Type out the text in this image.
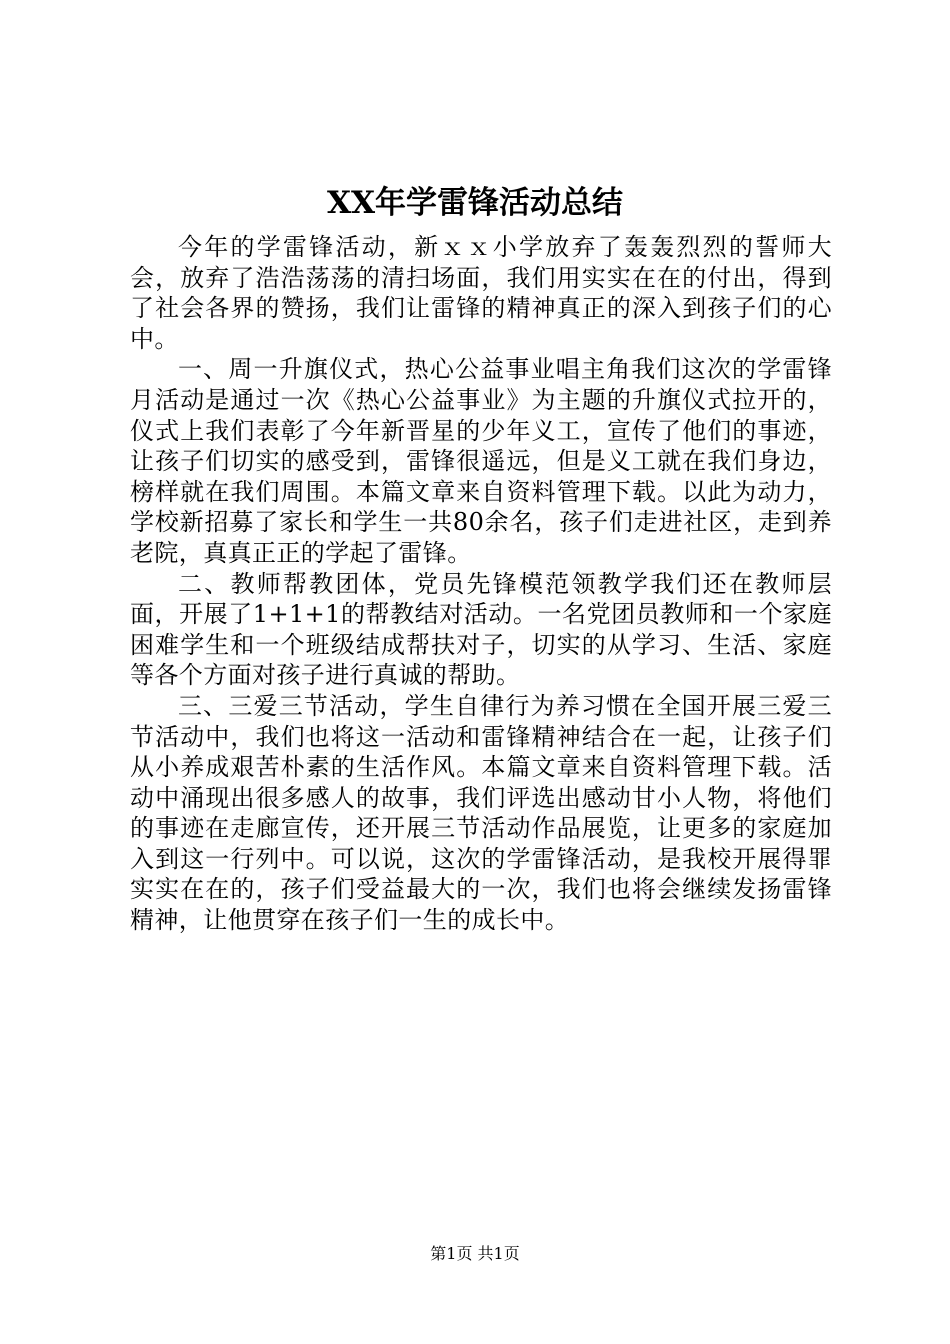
XX年学雷锋活动总结

今年的学雷锋活动，新ｘｘ小学放弃了轰轰烈烈的誓师大会，放弃了浩浩荡荡的清扫场面，我们用实实在在的付出，得到了社会各界的赞扬，我们让雷锋的精神真正的深入到孩子们的心中。

一、周一升旗仪式，热心公益事业唱主角我们这次的学雷锋月活动是通过一次《热心公益事业》为主题的升旗仪式拉开的，仪式上我们表彰了今年新晋星的少年义工，宣传了他们的事迹，让孩子们切实的感受到，雷锋很遥远，但是义工就在我们身边，榜样就在我们周围。本篇文章来自资料管理下载。以此为动力，学校新招募了家长和学生一共80余名，孩子们走进社区，走到养老院，真真正正的学起了雷锋。

二、教师帮教团体，党员先锋模范领教学我们还在教师层面，开展了1+1+1的帮教结对活动。一名党团员教师和一个家庭困难学生和一个班级结成帮扶对子，切实的从学习、生活、家庭等各个方面对孩子进行真诚的帮助。

三、三爱三节活动，学生自律行为养习惯在全国开展三爱三节活动中，我们也将这一活动和雷锋精神结合在一起，让孩子们从小养成艰苦朴素的生活作风。本篇文章来自资料管理下载。活动中涌现出很多感人的故事，我们评选出感动甘小人物，将他们的事迹在走廊宣传，还开展三节活动作品展览，让更多的家庭加入到这一行列中。可以说，这次的学雷锋活动，是我校开展得罪实实在在的，孩子们受益最大的一次，我们也将会继续发扬雷锋精神，让他贯穿在孩子们一生的成长中。

第1页 共1页
